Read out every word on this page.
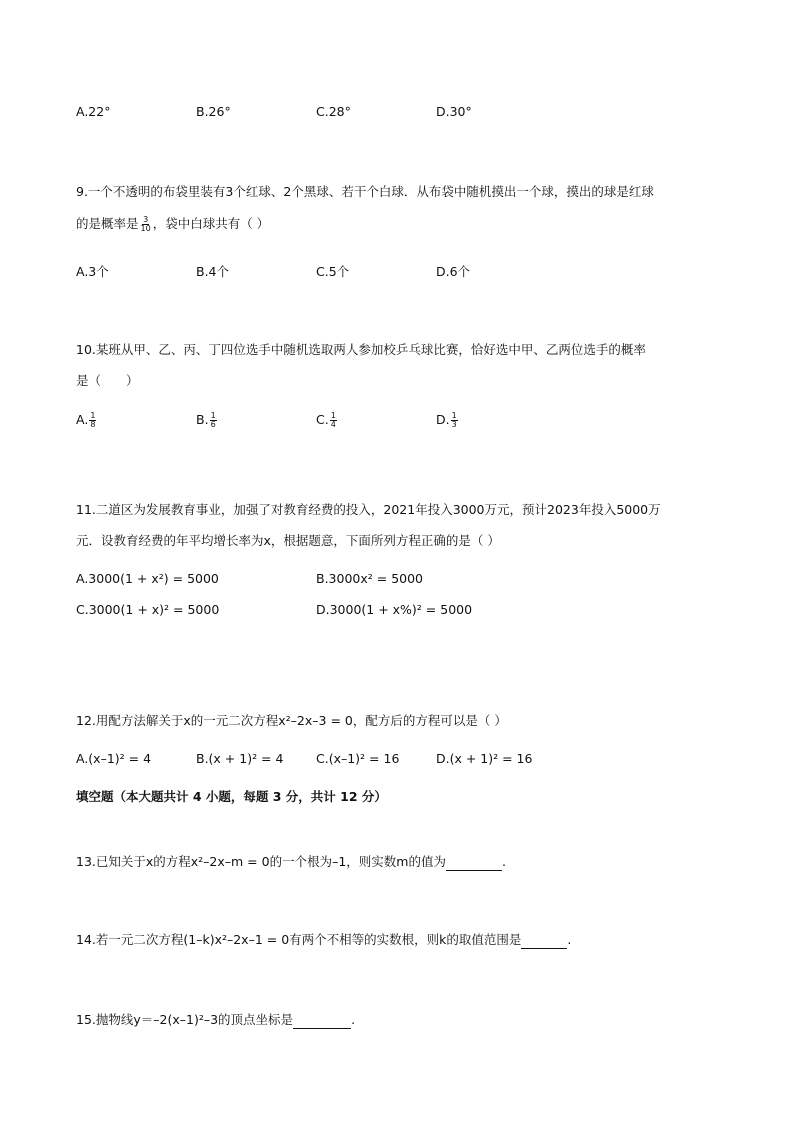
A.22°	B.26°	C.28°	D.30°
9.一个不透明的布袋里装有3个红球、2个黑球、若干个白球．从布袋中随机摸出一个球，摸出的球是红球
的是概率是 $\frac{3}{10}$ ，袋中白球共有（ ）
A.3个	B.4个	C.5个	D.6个
10.某班从甲、乙、丙、丁四位选手中随机选取两人参加校乒乓球比赛，恰好选中甲、乙两位选手的概率
是（　　）
A. $\frac{1}{8}$	B. $\frac{1}{6}$	C. $\frac{1}{4}$	D. $\frac{1}{3}$
11.二道区为发展教育事业，加强了对教育经费的投入，2021年投入3000万元，预计2023年投入5000万
元．设教育经费的年平均增长率为x，根据题意，下面所列方程正确的是（ ）
A.3000(1 + x²) = 5000	B.3000x² = 5000
C.3000(1 + x)² = 5000	D.3000(1 + x%)² = 5000
12.用配方法解关于x的一元二次方程x²–2x–3 = 0，配方后的方程可以是（ ）
A.(x–1)² = 4	B.(x + 1)² = 4	C.(x–1)² = 16	D.(x + 1)² = 16
填空题（本大题共计 4 小题，每题 3 分，共计 12 分）
13.已知关于x的方程x²–2x–m = 0的一个根为–1，则实数m的值为	.
14.若一元二次方程(1–k)x²–2x–1 = 0有两个不相等的实数根，则k的取值范围是	.
15.抛物线y＝–2(x–1)²–3的顶点坐标是	.
